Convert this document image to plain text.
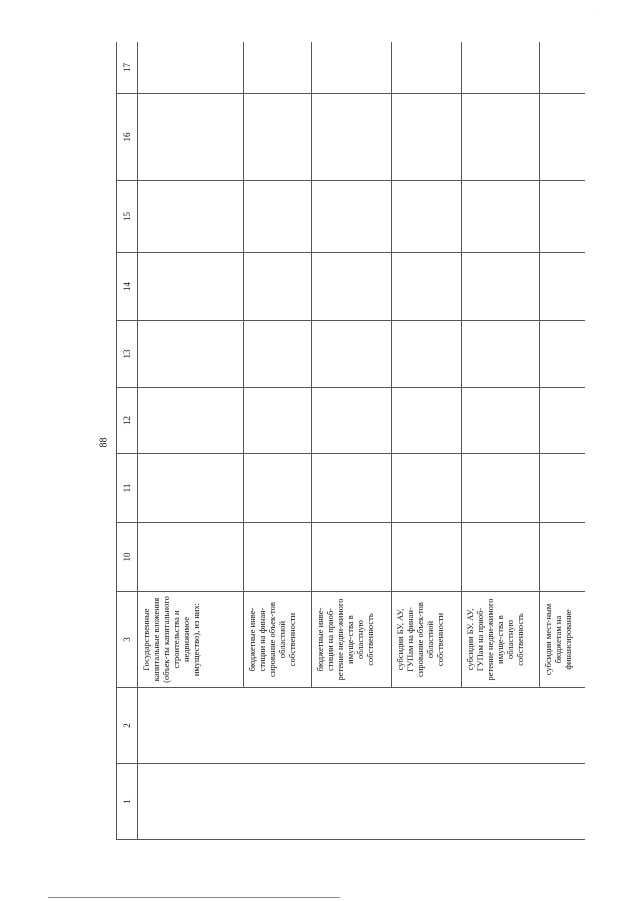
·
88
1	2	3	10	11	12	13	14	15	16	17
		Государственные капитальные вложения (объек-ты капитального строительства и недвижимое имущество), из них:								
		бюджетные инве-стиции на финан-сирование объек-тов областной собственности								
		бюджетные инве-стиции на приоб-ретение недви-жимого имуще-ства в областную собственность								
		субсидии БУ, АУ, ГУПам на финан-сирование объек-тов областной собственности								
		субсидии БУ, АУ, ГУПам на приоб-ретение недви-жимого имуще-ства в областную собственность								
		субсидии мест-ным бюджетам на финансирование								
